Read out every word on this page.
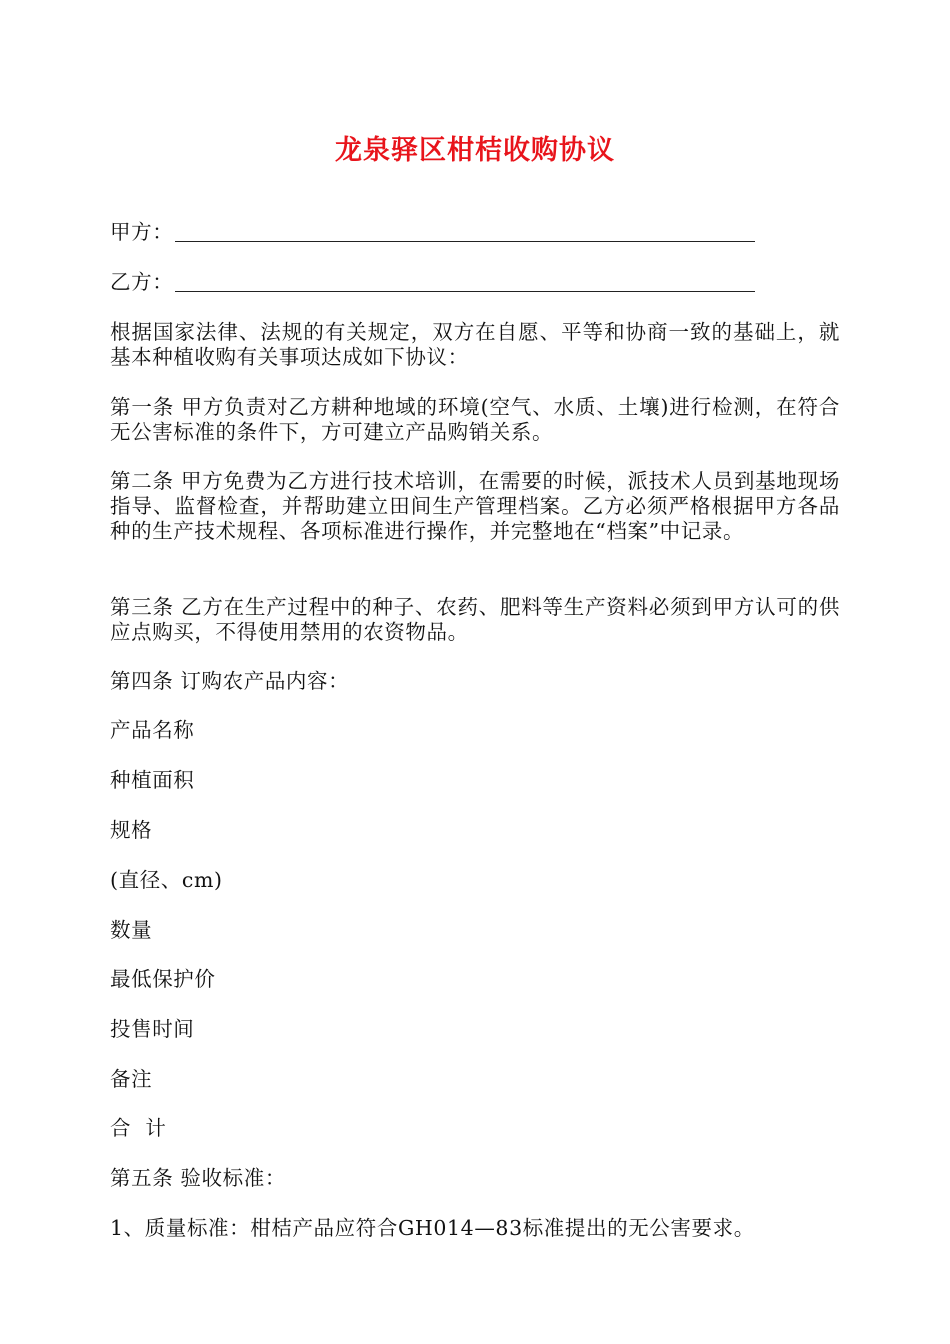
龙泉驿区柑桔收购协议
甲方：
乙方：
根据国家法律、法规的有关规定，双方在自愿、平等和协商一致的基础上，就基本种植收购有关事项达成如下协议：
第一条 甲方负责对乙方耕种地域的环境(空气、水质、土壤)进行检测，在符合无公害标准的条件下，方可建立产品购销关系。
第二条 甲方免费为乙方进行技术培训，在需要的时候，派技术人员到基地现场指导、监督检查，并帮助建立田间生产管理档案。乙方必须严格根据甲方各品种的生产技术规程、各项标准进行操作，并完整地在“档案”中记录。
第三条 乙方在生产过程中的种子、农药、肥料等生产资料必须到甲方认可的供应点购买，不得使用禁用的农资物品。
第四条 订购农产品内容：
产品名称
种植面积
规格
(直径、cm)
数量
最低保护价
投售时间
备注
合  计
第五条 验收标准：
1、质量标准：柑桔产品应符合GH014—83标准提出的无公害要求。
